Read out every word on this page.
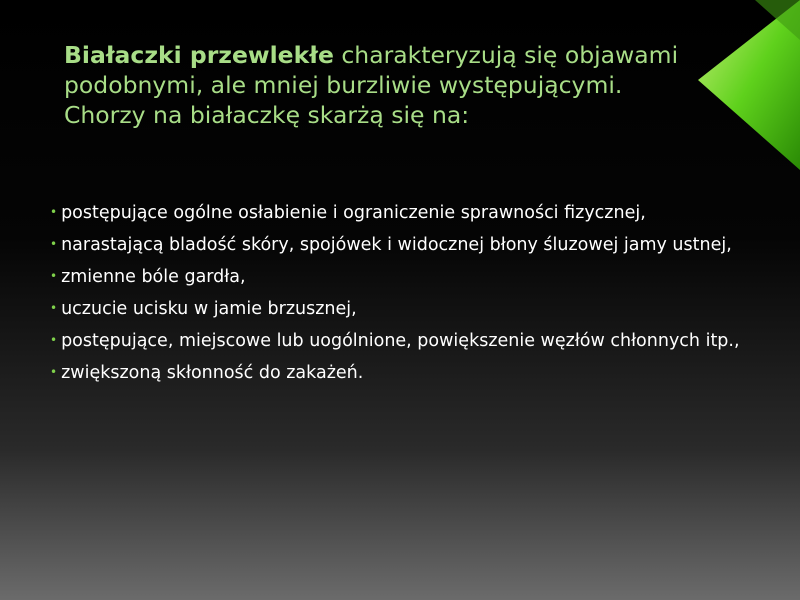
Białaczki przewlekłe charakteryzują się objawami podobnymi, ale mniej burzliwie występującymi. Chorzy na białaczkę skarżą się na:
• postępujące ogólne osłabienie i ograniczenie sprawności fizycznej,
• narastającą bladość skóry, spojówek i widocznej błony śluzowej jamy ustnej,
• zmienne bóle gardła,
• uczucie ucisku w jamie brzusznej,
• postępujące, miejscowe lub uogólnione, powiększenie węzłów chłonnych itp.,
• zwiększoną skłonność do zakażeń.
